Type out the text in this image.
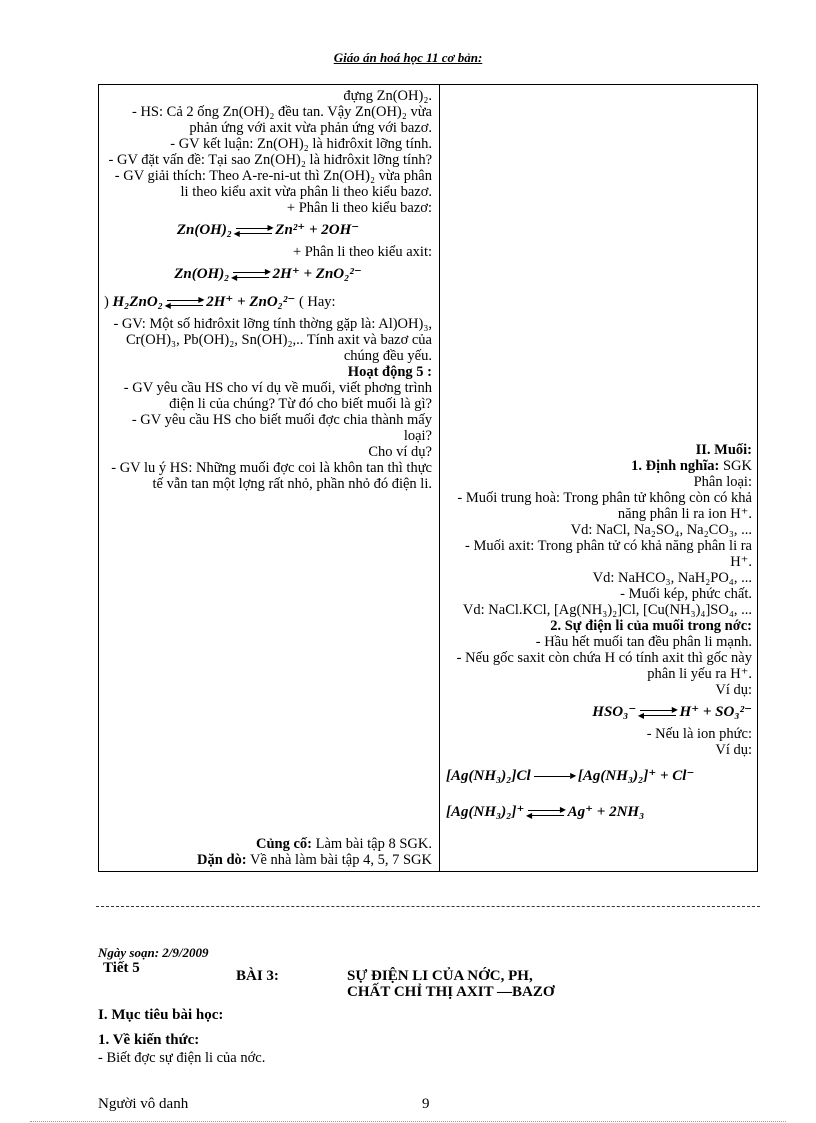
Giáo án hoá học 11 cơ bản:

đựng Zn(OH)₂.

- HS: Cả 2 ống Zn(OH)₂ đều tan. Vậy Zn(OH)₂ vừa phản ứng với axit vừa phản ứng với bazơ.

- GV kết luận: Zn(OH)₂ là hiđrôxit lỡng tính.

- GV đặt vấn đề: Tại sao Zn(OH)₂ là hiđrôxit lỡng tính?

- GV giải thích: Theo A-re-ni-ut thì Zn(OH)₂ vừa phân li theo kiểu axit vừa phân li theo kiểu bazơ.

+ Phân li theo kiểu bazơ:

Zn(OH)₂	▶
◀ Zn²⁺ + 2OH⁻

+ Phân li theo kiểu axit:

Zn(OH)₂	▶
◀ 2H⁺ + ZnO₂²⁻
) H₂ZnO₂	▶
◀ 2H⁺ + ZnO₂²⁻ ( Hay:

- GV: Một số hiđrôxit lỡng tính thờng gặp là: Al)OH)₃, Cr(OH)₃, Pb(OH)₂, Sn(OH)₂,.. Tính axit và bazơ của chúng đều yếu.

Hoạt động 5 :

- GV yêu cầu HS cho ví dụ về muối, viết phơng trình điện li của chúng? Từ đó cho biết muối là gì?

- GV yêu cầu HS cho biết muối đợc chia thành mấy loại?

Cho ví dụ?

- GV lu ý HS: Những muối đợc coi là khôn tan thì thực tế vẫn tan một lợng rất nhỏ, phần nhỏ đó điện li.

Củng cố: Làm bài tập 8 SGK.

Dặn dò: Về nhà làm bài tập 4, 5, 7 SGK

II. Muối:

1. Định nghĩa: SGK

Phân loại:

- Muối trung hoà: Trong phân tử không còn có khả năng phân li ra ion H⁺.

Vd: NaCl, Na₂SO₄, Na₂CO₃, ...

- Muối axit: Trong phân tử có khả năng phân li ra H⁺.

Vd: NaHCO₃, NaH₂PO₄, ...

- Muối kép, phức chất.

Vd: NaCl.KCl, [Ag(NH₃)₂]Cl, [Cu(NH₃)₄]SO₄, ...

2. Sự điện li của muối trong nớc:

- Hầu hết muối tan đều phân li mạnh.

- Nếu gốc saxit còn chứa H có tính axit thì gốc này phân li yếu ra H⁺.

Ví dụ:

HSO₃⁻	▶
◀ H⁺ + SO₃²⁻

- Nếu là ion phức:

Ví dụ:

[Ag(NH₃)₂]Cl	▶ [Ag(NH₃)₂]⁺ + Cl⁻
[Ag(NH₃)₂]⁺	▶
◀ Ag⁺ + 2NH₃
Ngày soạn: 2/9/2009
Tiết 5	BÀI 3:	SỰ ĐIỆN LI CỦA NỚC, PH,
CHẤT CHỈ THỊ AXIT —BAZƠ
I. Mục tiêu bài học:
1. Về kiến thức:
- Biết đợc sự điện li của nớc.
Người vô danh	9
